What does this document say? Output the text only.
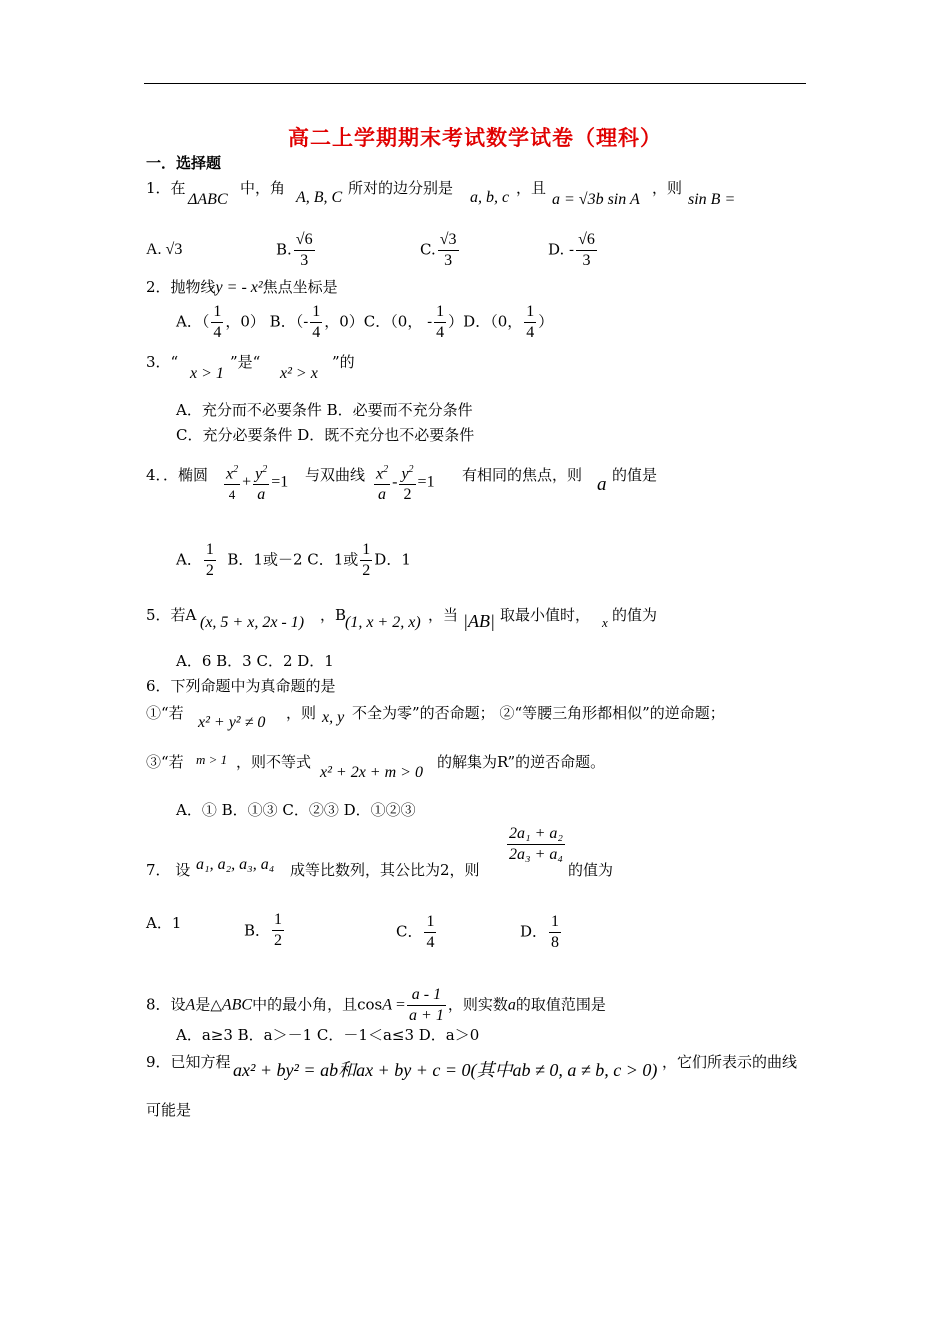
高二上学期期末考试数学试卷（理科）
一．选择题
1．在
ΔABC
中，角
A, B, C
所对的边分别是
a, b, c
，且
a = √3b sin A
，则
sin B =
A. √3	B. $\frac{√6}{3}$	C. $\frac{√3}{3}$	D. - $\frac{√6}{3}$
2．抛物线y = - x²焦点坐标是
A．（ $\frac{1}{4}$ ，0） B．（- $\frac{1}{4}$ ，0）C．（0， - $\frac{1}{4} )D$．（0， $\frac{1}{4}$ ）
3．“
x > 1
”是“
x² > x
”的
A．充分而不必要条件 B．必要而不充分条件
C．充分必要条件 D．既不充分也不必要条件
4．．椭圆 $\frac{x^2}{4} + \frac{y^2}{a} =1$ 与双曲线 $\frac{x^2}{a} - \frac{y^2}{2} =1$ 有相同的焦点，则 a 的值是
A． $\frac{1}{2}$ B．1或－2 C．1或 $\frac{1}{2}$ D．1
5．若A (x, 5 + x, 2x - 1) ，B
(1, x + 2, x) ，当 |AB| 取最小值时， x 的值为
A．6 B．3 C．2 D．1
6．下列命题中为真命题的是
①“若
x² + y² ≠ 0
，则 x, y 不全为零”的否命题； ②“等腰三角形都相似”的逆命题；
③“若 m > 1 ，则不等式
x² + 2x + m > 0
的解集为R”的逆否命题。
A．① B．①③ C．②③ D．①②③
7． 设 a₁, a₂, a₃, a₄ 成等比数列，其公比为2，则
$\frac{\text{2a₁ + a₂}}{\text{2a₃ + a₄}}$
的值为
A．1	B． $\frac{1}{2}$	C． $\frac{1}{4}$	D． $\frac{1}{8}$
8．设A是△ABC中的最小角，且$\cos A = \frac{a - 1}{a + 1}$ ，则实数a的取值范围是
A．a≥3 B．a＞－1 C．－1＜a≤3 D．a＞0
9．已知方程 ax² + by² = ab和ax + by + c = 0(其中ab ≠ 0, a ≠ b, c > 0) ，它们所表示的曲线
可能是
